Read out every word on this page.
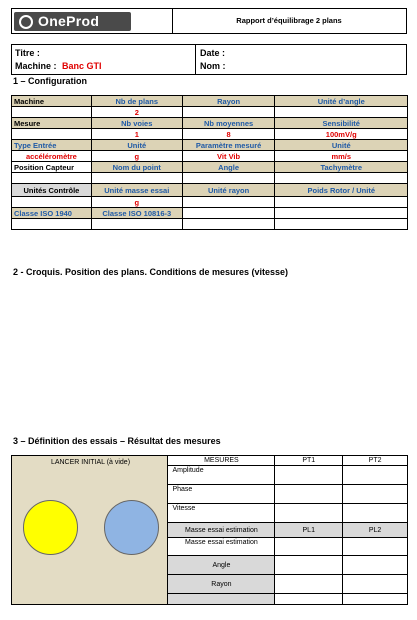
OneProd	Rapport d’équilibrage 2 plans
Titre :
Machine : Banc GTI
Date :
Nom :
1 – Configuration
Machine	Nb de plans	Rayon	Unité d’angle
	2		
Mesure	Nb voies	Nb moyennes	Sensibilité
	1	8	100mV/g
Type Entrée	Unité	Paramètre mesuré	Unité
accéléromètre	g	Vit Vib	mm/s
Position Capteur	Nom du point	Angle	Tachymètre

Unités Contrôle	Unité masse essai	Unité rayon	Poids Rotor / Unité
	g		
Classe ISO 1940	Classe ISO 10816-3		

2 - Croquis. Position des plans. Conditions de mesures (vitesse)
3 – Définition des essais – Résultat des mesures
LANCER INITIAL (à vide)	MESURES	PT1	PT2
	Amplitude		
	Phase		
	Vitesse		
	Masse essai estimation	PL1	PL2
	Masse essai estimation		
	Angle		
	Rayon		
